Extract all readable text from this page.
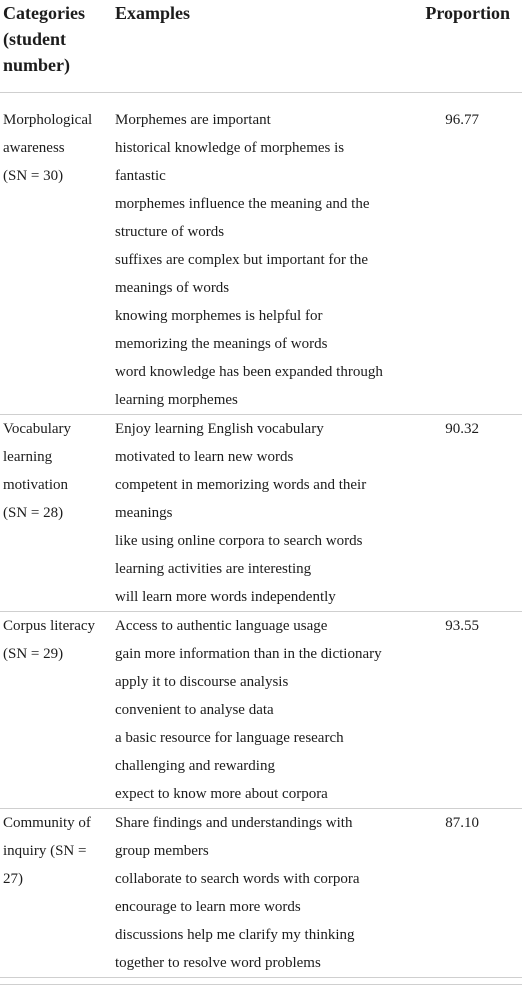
Categories (student number)
Examples	Proportion
Morphological
awareness
(SN = 30)
Morphemes are important
historical knowledge of morphemes is
fantastic
morphemes influence the meaning and the
structure of words
suffixes are complex but important for the
meanings of words
knowing morphemes is helpful for
memorizing the meanings of words
word knowledge has been expanded through
learning morphemes
96.77
Vocabulary
learning
motivation
(SN = 28)
Enjoy learning English vocabulary
motivated to learn new words
competent in memorizing words and their
meanings
like using online corpora to search words
learning activities are interesting
will learn more words independently
90.32
Corpus literacy
(SN = 29)
Access to authentic language usage
gain more information than in the dictionary
apply it to discourse analysis
convenient to analyse data
a basic resource for language research
challenging and rewarding
expect to know more about corpora
93.55
Community of
inquiry (SN =
27)
Share findings and understandings with
group members
collaborate to search words with corpora
encourage to learn more words
discussions help me clarify my thinking
together to resolve word problems
87.10
